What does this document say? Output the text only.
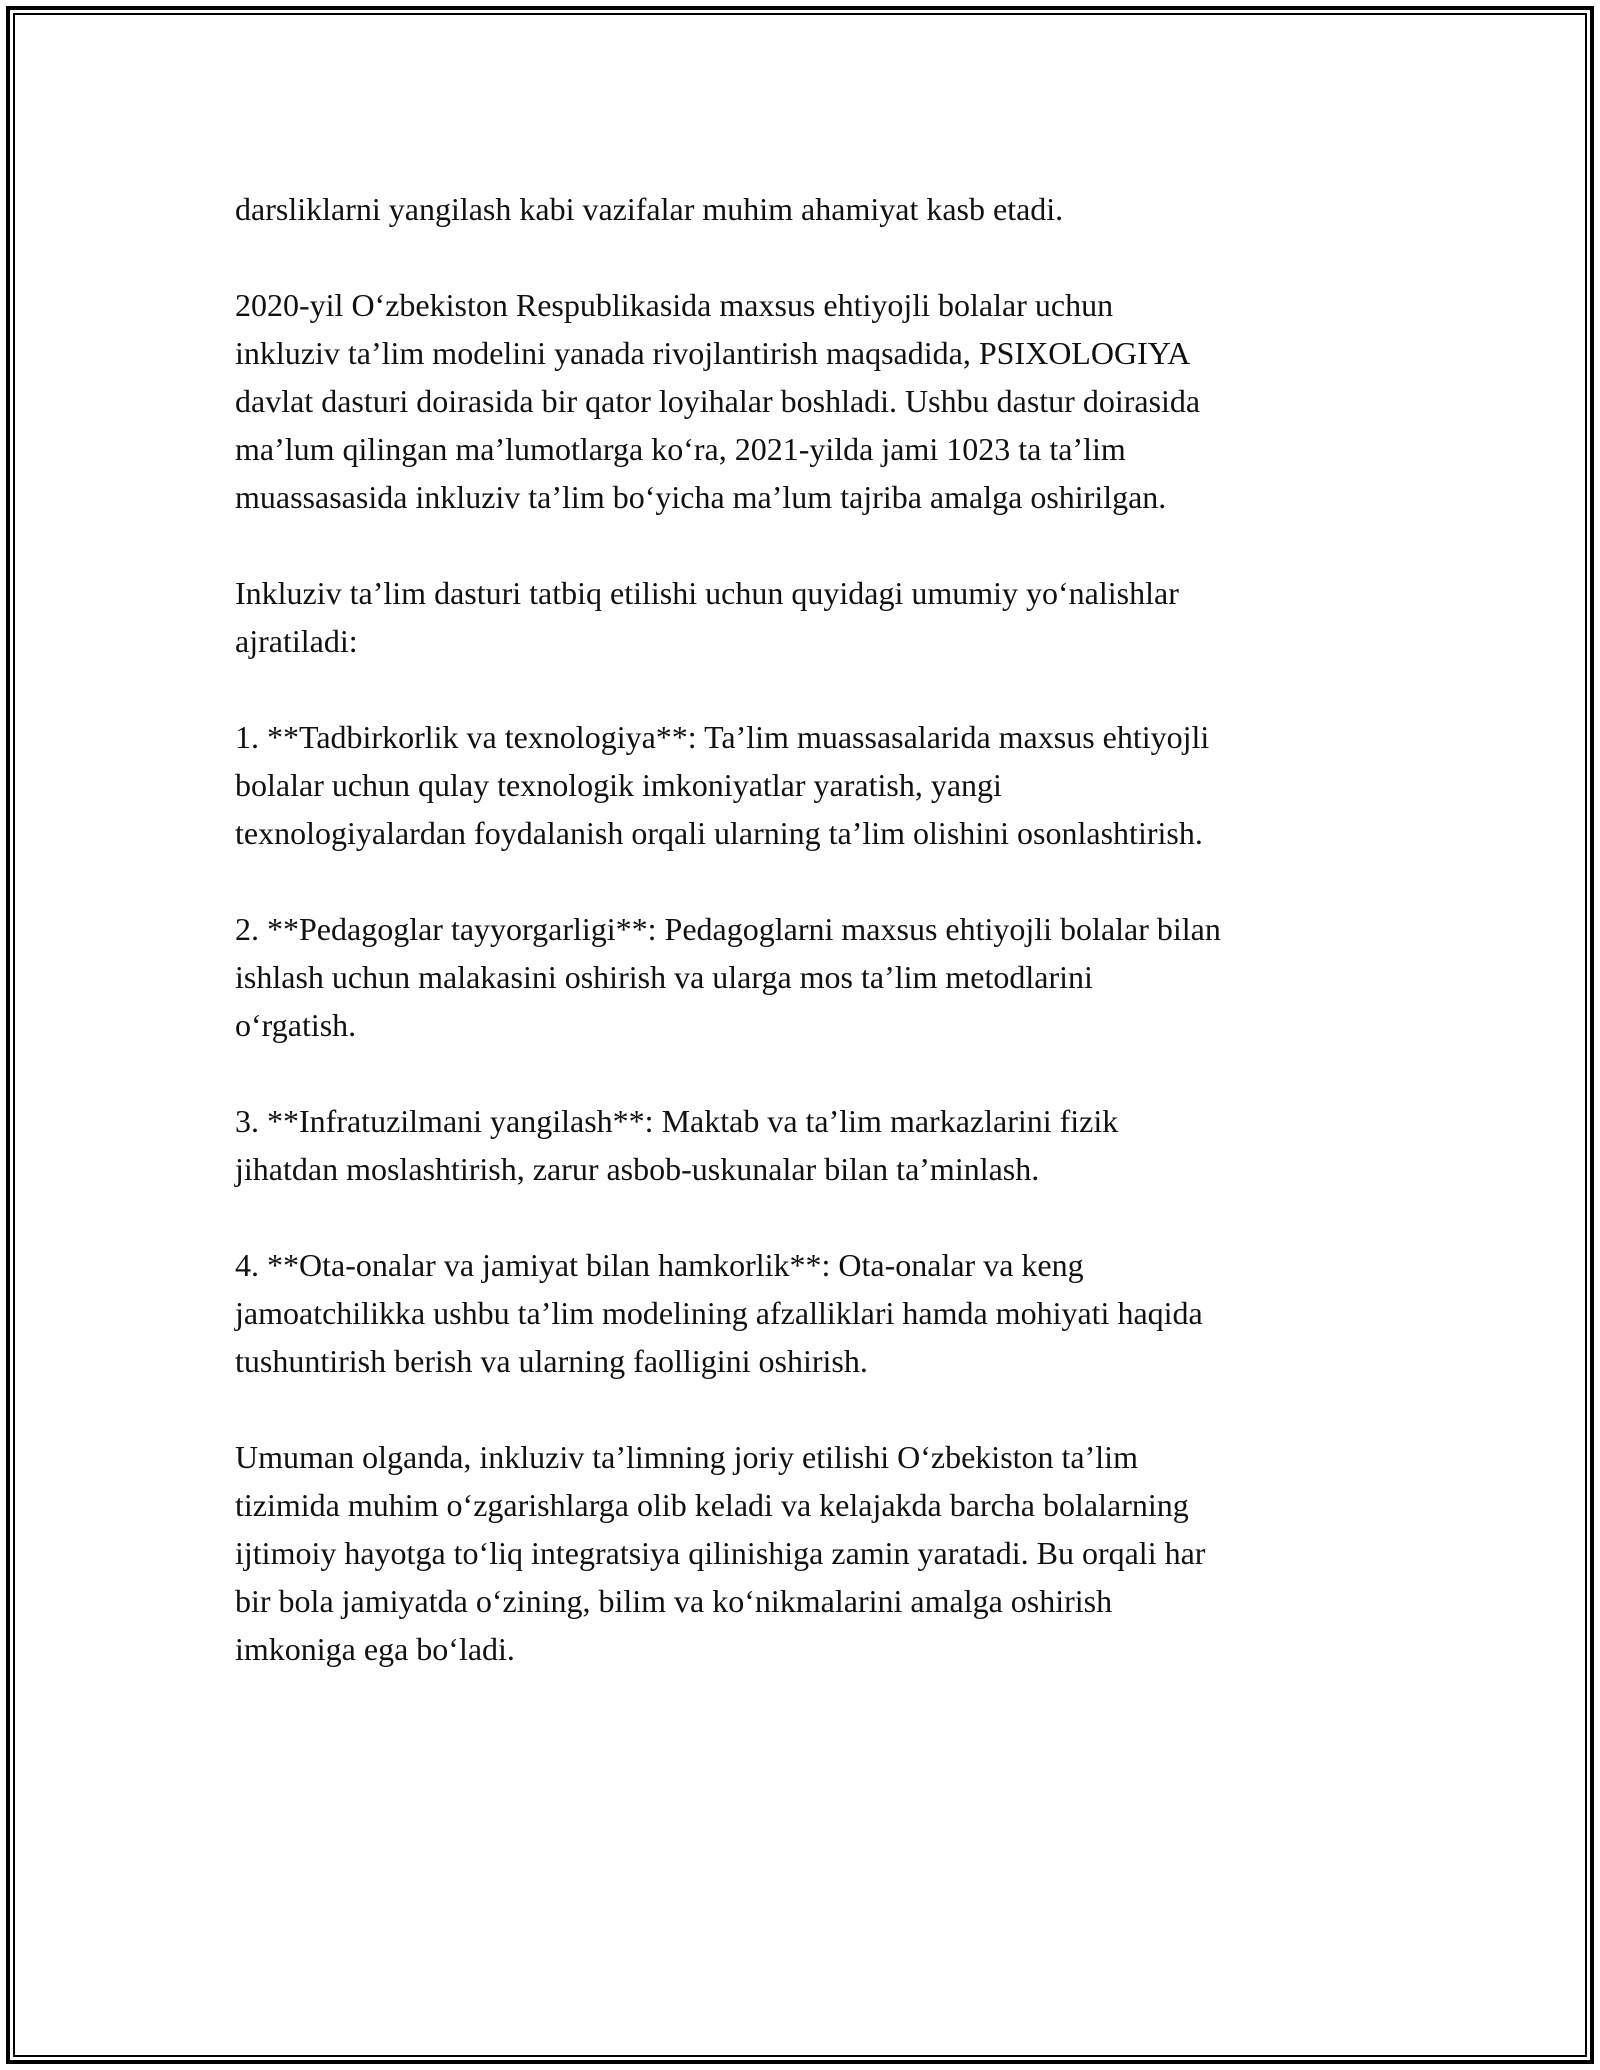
darsliklarni yangilash kabi vazifalar muhim ahamiyat kasb etadi.

2020-yil O‘zbekiston Respublikasida maxsus ehtiyojli bolalar uchun
inkluziv ta’lim modelini yanada rivojlantirish maqsadida, PSIXOLOGIYA
davlat dasturi doirasida bir qator loyihalar boshladi. Ushbu dastur doirasida
ma’lum qilingan ma’lumotlarga ko‘ra, 2021-yilda jami 1023 ta ta’lim
muassasasida inkluziv ta’lim bo‘yicha ma’lum tajriba amalga oshirilgan.

Inkluziv ta’lim dasturi tatbiq etilishi uchun quyidagi umumiy yo‘nalishlar
ajratiladi:

1. **Tadbirkorlik va texnologiya**: Ta’lim muassasalarida maxsus ehtiyojli
bolalar uchun qulay texnologik imkoniyatlar yaratish, yangi
texnologiyalardan foydalanish orqali ularning ta’lim olishini osonlashtirish.

2. **Pedagoglar tayyorgarligi**: Pedagoglarni maxsus ehtiyojli bolalar bilan
ishlash uchun malakasini oshirish va ularga mos ta’lim metodlarini
o‘rgatish.

3. **Infratuzilmani yangilash**: Maktab va ta’lim markazlarini fizik
jihatdan moslashtirish, zarur asbob-uskunalar bilan ta’minlash.

4. **Ota-onalar va jamiyat bilan hamkorlik**: Ota-onalar va keng
jamoatchilikka ushbu ta’lim modelining afzalliklari hamda mohiyati haqida
tushuntirish berish va ularning faolligini oshirish.

Umuman olganda, inkluziv ta’limning joriy etilishi O‘zbekiston ta’lim
tizimida muhim o‘zgarishlarga olib keladi va kelajakda barcha bolalarning
ijtimoiy hayotga to‘liq integratsiya qilinishiga zamin yaratadi. Bu orqali har
bir bola jamiyatda o‘zining, bilim va ko‘nikmalarini amalga oshirish
imkoniga ega bo‘ladi.
